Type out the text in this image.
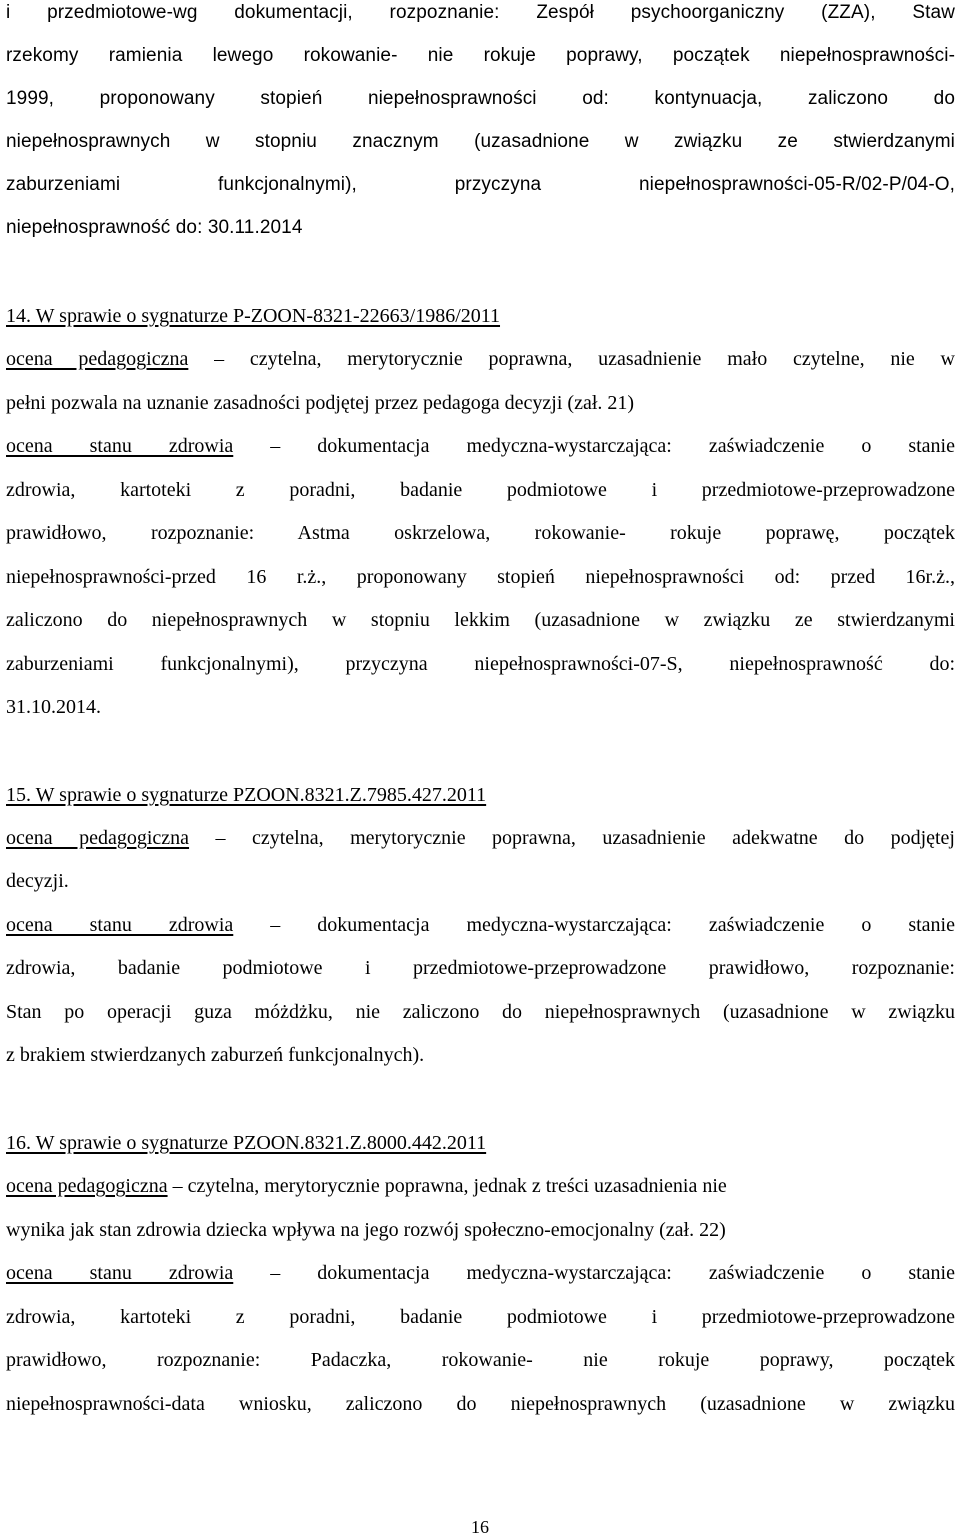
i przedmiotowe-wg dokumentacji, rozpoznanie: Zespół psychoorganiczny (ZZA), Staw
rzekomy ramienia lewego rokowanie- nie rokuje poprawy, początek niepełnosprawności-
1999, proponowany stopień niepełnosprawności od: kontynuacja, zaliczono do
niepełnosprawnych w stopniu znacznym (uzasadnione w związku ze stwierdzanymi
zaburzeniami funkcjonalnymi), przyczyna niepełnosprawności-05-R/02-P/04-O,
niepełnosprawność do: 30.11.2014
14. W sprawie o sygnaturze P-ZOON-8321-22663/1986/2011
ocena pedagogiczna – czytelna, merytorycznie poprawna, uzasadnienie mało czytelne, nie w
pełni pozwala na uznanie zasadności podjętej przez pedagoga decyzji (zał. 21)
ocena stanu zdrowia – dokumentacja medyczna-wystarczająca: zaświadczenie o stanie
zdrowia, kartoteki z poradni, badanie podmiotowe i przedmiotowe-przeprowadzone
prawidłowo, rozpoznanie: Astma oskrzelowa, rokowanie- rokuje poprawę, początek
niepełnosprawności-przed 16 r.ż., proponowany stopień niepełnosprawności od: przed 16r.ż.,
zaliczono do niepełnosprawnych w stopniu lekkim (uzasadnione w związku ze stwierdzanymi
zaburzeniami funkcjonalnymi), przyczyna niepełnosprawności-07-S, niepełnosprawność do:
31.10.2014.
15. W sprawie o sygnaturze PZOON.8321.Z.7985.427.2011
ocena pedagogiczna – czytelna, merytorycznie poprawna, uzasadnienie adekwatne do podjętej
decyzji.
ocena stanu zdrowia – dokumentacja medyczna-wystarczająca: zaświadczenie o stanie
zdrowia, badanie podmiotowe i przedmiotowe-przeprowadzone prawidłowo, rozpoznanie:
Stan po operacji guza móżdżku, nie zaliczono do niepełnosprawnych (uzasadnione w związku
z brakiem stwierdzanych zaburzeń funkcjonalnych).
16. W sprawie o sygnaturze PZOON.8321.Z.8000.442.2011
ocena pedagogiczna – czytelna, merytorycznie poprawna, jednak z treści uzasadnienia nie
wynika jak stan zdrowia dziecka wpływa na jego rozwój społeczno-emocjonalny (zał. 22)
ocena stanu zdrowia – dokumentacja medyczna-wystarczająca: zaświadczenie o stanie
zdrowia, kartoteki z poradni, badanie podmiotowe i przedmiotowe-przeprowadzone
prawidłowo, rozpoznanie: Padaczka, rokowanie- nie rokuje poprawy, początek
niepełnosprawności-data wniosku, zaliczono do niepełnosprawnych (uzasadnione w związku
16
